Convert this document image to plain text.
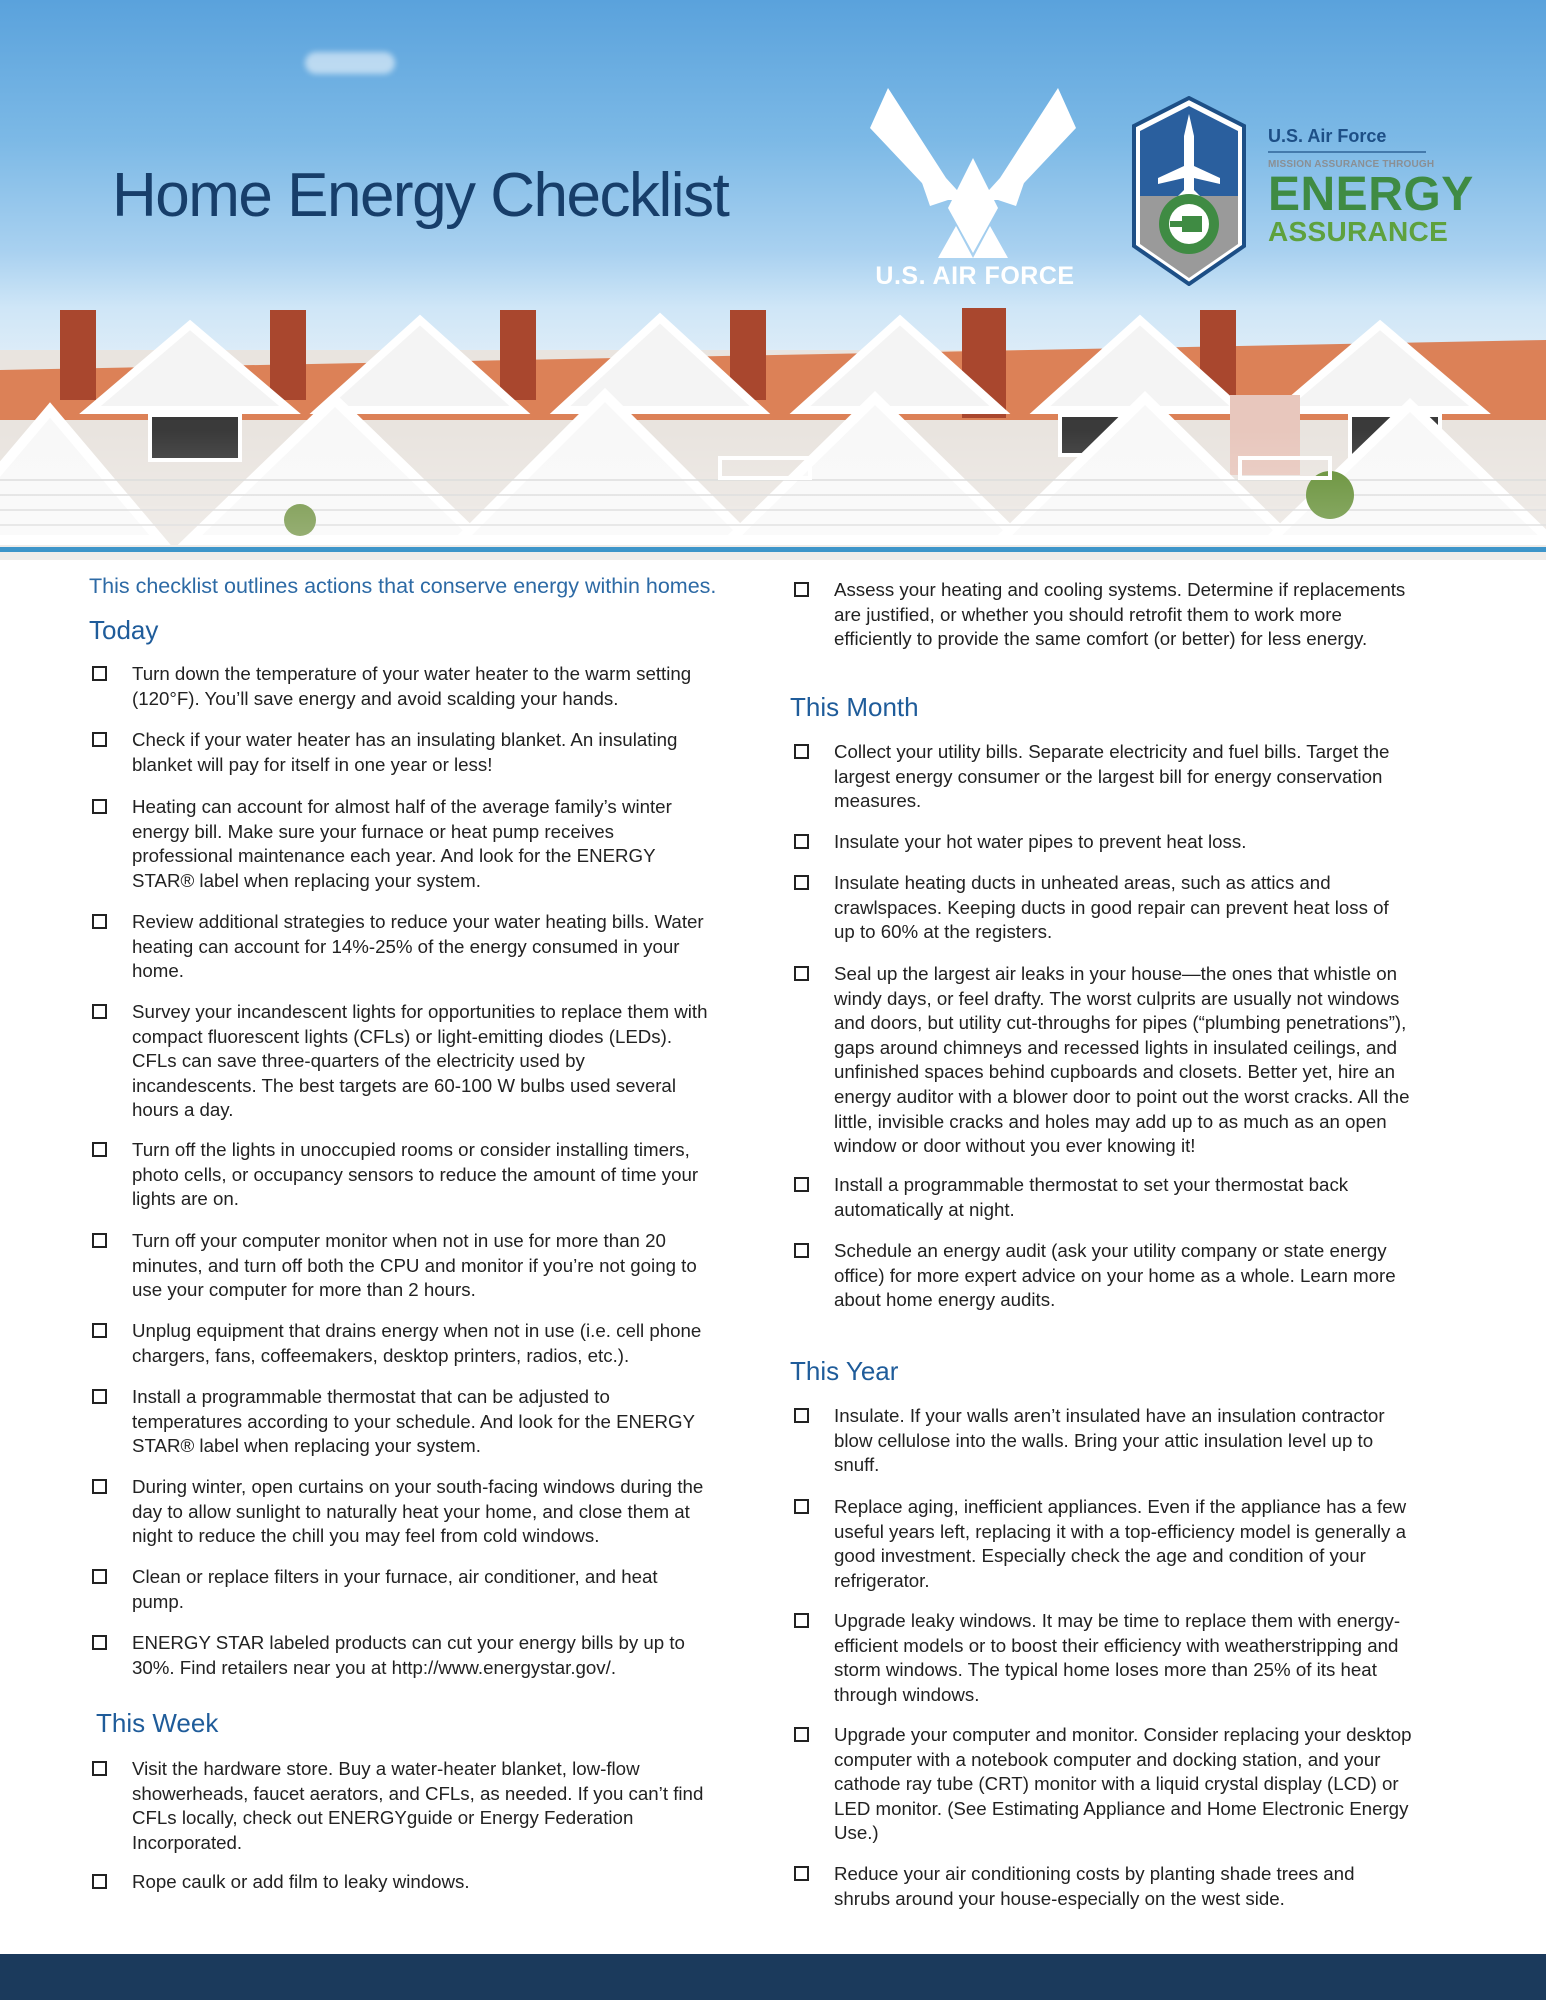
Home Energy Checklist
U.S. AIR FORCE
U.S. Air Force
MISSION ASSURANCE THROUGH
ENERGY
ASSURANCE
This checklist outlines actions that conserve energy within homes.
Today
Turn down the temperature of your water heater to the warm setting (120°F). You’ll save energy and avoid scalding your hands.
Check if your water heater has an insulating blanket. An insulating blanket will pay for itself in one year or less!
Heating can account for almost half of the average family’s winter energy bill. Make sure your furnace or heat pump receives professional maintenance each year. And look for the ENERGY STAR® label when replacing your system.
Review additional strategies to reduce your water heating bills. Water heating can account for 14%-25% of the energy consumed in your home.
Survey your incandescent lights for opportunities to replace them with compact fluorescent lights (CFLs) or light-emitting diodes (LEDs). CFLs can save three-quarters of the electricity used by incandescents. The best targets are 60-100 W bulbs used several hours a day.
Turn off the lights in unoccupied rooms or consider installing timers, photo cells, or occupancy sensors to reduce the amount of time your lights are on.
Turn off your computer monitor when not in use for more than 20 minutes, and turn off both the CPU and monitor if you’re not going to use your computer for more than 2 hours.
Unplug equipment that drains energy when not in use (i.e. cell phone chargers, fans, coffeemakers, desktop printers, radios, etc.).
Install a programmable thermostat that can be adjusted to temperatures according to your schedule. And look for the ENERGY STAR® label when replacing your system.
During winter, open curtains on your south-facing windows during the day to allow sunlight to naturally heat your home, and close them at night to reduce the chill you may feel from cold windows.
Clean or replace filters in your furnace, air conditioner, and heat pump.
ENERGY STAR labeled products can cut your energy bills by up to 30%. Find retailers near you at http://www.energystar.gov/.
This Week
Visit the hardware store. Buy a water-heater blanket, low-flow showerheads, faucet aerators, and CFLs, as needed. If you can’t find CFLs locally, check out ENERGYguide or Energy Federation Incorporated.
Rope caulk or add film to leaky windows.
Assess your heating and cooling systems. Determine if replacements are justified, or whether you should retrofit them to work more efficiently to provide the same comfort (or better) for less energy.
This Month
Collect your utility bills. Separate electricity and fuel bills. Target the largest energy consumer or the largest bill for energy conservation measures.
Insulate your hot water pipes to prevent heat loss.
Insulate heating ducts in unheated areas, such as attics and crawlspaces. Keeping ducts in good repair can prevent heat loss of up to 60% at the registers.
Seal up the largest air leaks in your house—the ones that whistle on windy days, or feel drafty. The worst culprits are usually not windows and doors, but utility cut-throughs for pipes (“plumbing penetrations”), gaps around chimneys and recessed lights in insulated ceilings, and unfinished spaces behind cupboards and closets. Better yet, hire an energy auditor with a blower door to point out the worst cracks. All the little, invisible cracks and holes may add up to as much as an open window or door without you ever knowing it!
Install a programmable thermostat to set your thermostat back automatically at night.
Schedule an energy audit (ask your utility company or state energy office) for more expert advice on your home as a whole. Learn more about home energy audits.
This Year
Insulate. If your walls aren’t insulated have an insulation contractor blow cellulose into the walls. Bring your attic insulation level up to snuff.
Replace aging, inefficient appliances. Even if the appliance has a few useful years left, replacing it with a top-efficiency model is generally a good investment. Especially check the age and condition of your refrigerator.
Upgrade leaky windows. It may be time to replace them with energy-efficient models or to boost their efficiency with weatherstripping and storm windows. The typical home loses more than 25% of its heat through windows.
Upgrade your computer and monitor. Consider replacing your desktop computer with a notebook computer and docking station, and your cathode ray tube (CRT) monitor with a liquid crystal display (LCD) or LED monitor. (See Estimating Appliance and Home Electronic Energy Use.)
Reduce your air conditioning costs by planting shade trees and shrubs around your house-especially on the west side.
